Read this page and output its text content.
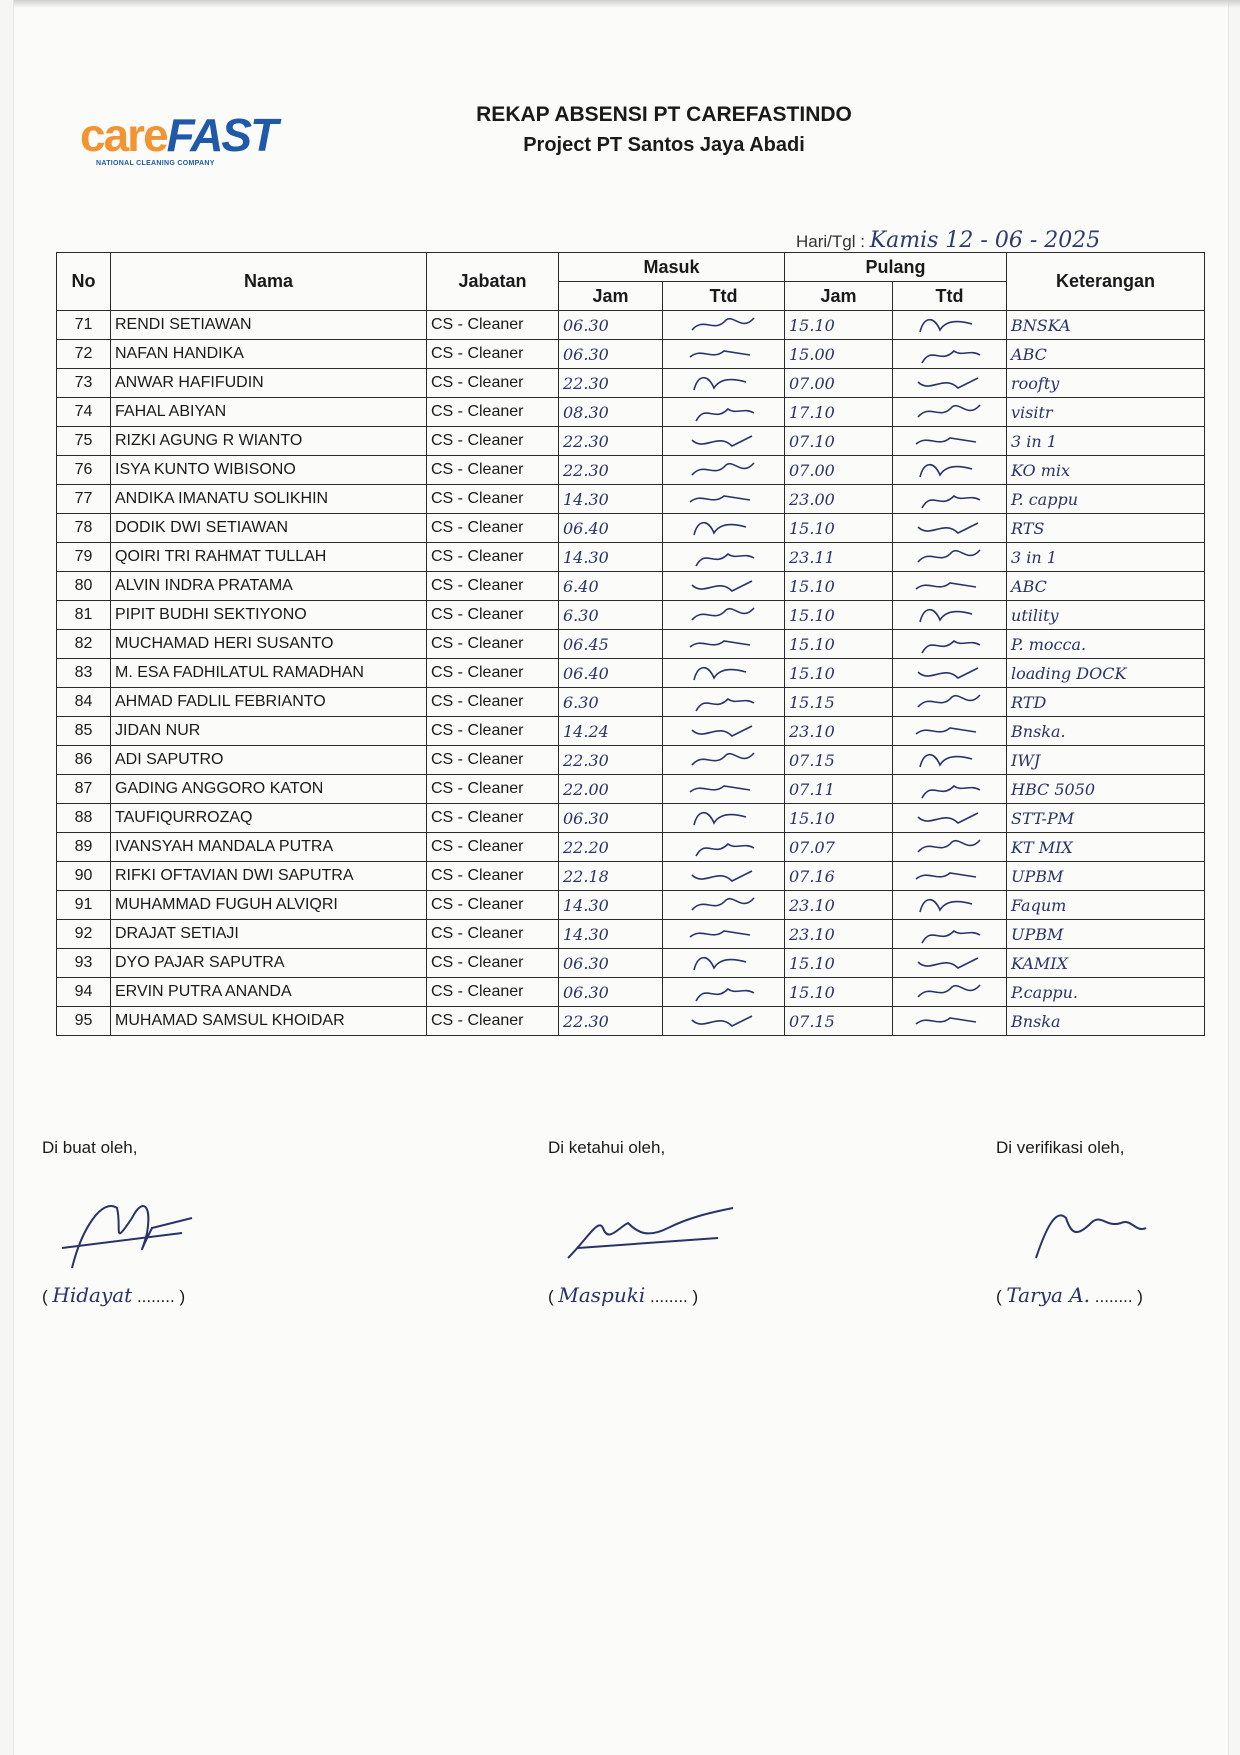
careFAST
NATIONAL CLEANING COMPANY
REKAP ABSENSI PT CAREFASTINDO
Project PT Santos Jaya Abadi
Hari/Tgl : Kamis 12 - 06 - 2025
No	Nama	Jabatan	Masuk		Pulang		Keterangan
			Jam	Ttd	Jam	Ttd	
71	RENDI SETIAWAN	CS - Cleaner	06.30		15.10		BNSKA
72	NAFAN HANDIKA	CS - Cleaner	06.30		15.00		ABC
73	ANWAR HAFIFUDIN	CS - Cleaner	22.30		07.00		roofty
74	FAHAL ABIYAN	CS - Cleaner	08.30		17.10		visitr
75	RIZKI AGUNG R WIANTO	CS - Cleaner	22.30		07.10		3 in 1
76	ISYA KUNTO WIBISONO	CS - Cleaner	22.30		07.00		KO mix
77	ANDIKA IMANATU SOLIKHIN	CS - Cleaner	14.30		23.00		P. cappu
78	DODIK DWI SETIAWAN	CS - Cleaner	06.40		15.10		RTS
79	QOIRI TRI RAHMAT TULLAH	CS - Cleaner	14.30		23.11		3 in 1
80	ALVIN INDRA PRATAMA	CS - Cleaner	6.40		15.10		ABC
81	PIPIT BUDHI SEKTIYONO	CS - Cleaner	6.30		15.10		utility
82	MUCHAMAD HERI SUSANTO	CS - Cleaner	06.45		15.10		P. mocca.
83	M. ESA FADHILATUL RAMADHAN	CS - Cleaner	06.40		15.10		loading DOCK
84	AHMAD FADLIL FEBRIANTO	CS - Cleaner	6.30		15.15		RTD
85	JIDAN NUR	CS - Cleaner	14.24		23.10		Bnska.
86	ADI SAPUTRO	CS - Cleaner	22.30		07.15		IWJ
87	GADING ANGGORO KATON	CS - Cleaner	22.00		07.11		HBC 5050
88	TAUFIQURROZAQ	CS - Cleaner	06.30		15.10		STT-PM
89	IVANSYAH MANDALA PUTRA	CS - Cleaner	22.20		07.07		KT MIX
90	RIFKI OFTAVIAN DWI SAPUTRA	CS - Cleaner	22.18		07.16		UPBM
91	MUHAMMAD FUGUH ALVIQRI	CS - Cleaner	14.30		23.10		Faqum
92	DRAJAT SETIAJI	CS - Cleaner	14.30		23.10		UPBM
93	DYO PAJAR SAPUTRA	CS - Cleaner	06.30		15.10		KAMIX
94	ERVIN PUTRA ANANDA	CS - Cleaner	06.30		15.10		P.cappu.
95	MUHAMAD SAMSUL KHOIDAR	CS - Cleaner	22.30		07.15		Bnska
Di buat oleh,
( Hidayat ........ )
Di ketahui oleh,
( Maspuki ........ )
Di verifikasi oleh,
( Tarya A. ........ )
